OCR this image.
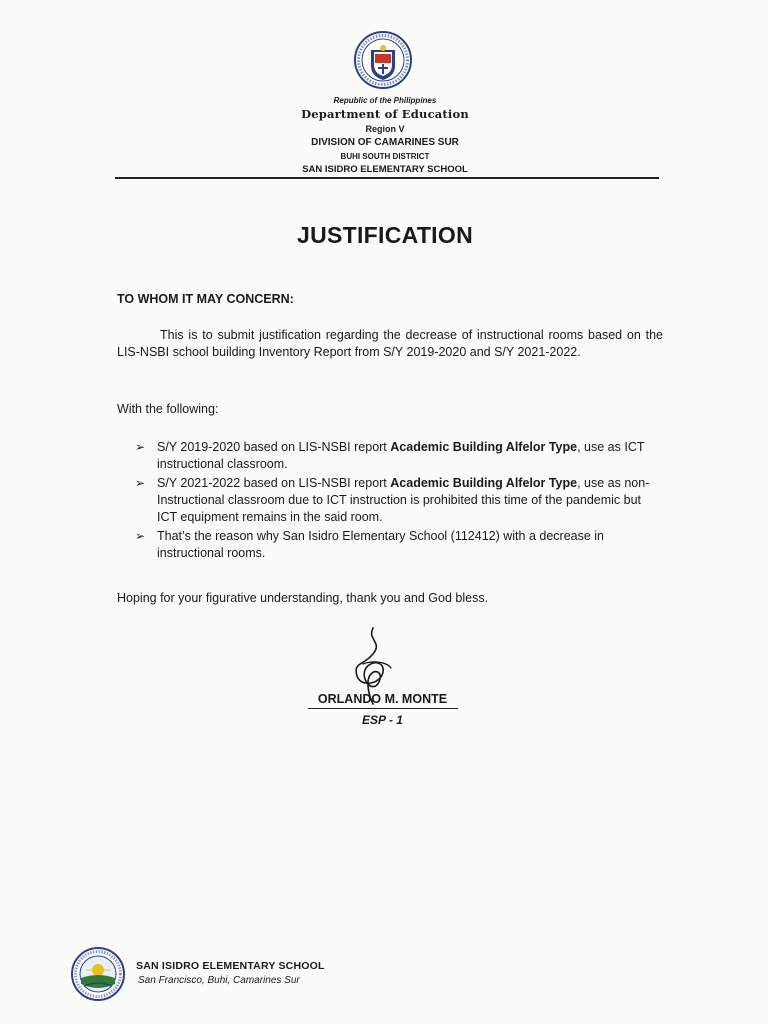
Republic of the Philippines
Department of Education
Region V
DIVISION OF CAMARINES SUR
BUHI SOUTH DISTRICT
SAN ISIDRO ELEMENTARY SCHOOL
JUSTIFICATION
TO WHOM IT MAY CONCERN:
This is to submit justification regarding the decrease of instructional rooms based on the LIS-NSBI school building Inventory Report from S/Y 2019-2020 and S/Y 2021-2022.
With the following:
➢ S/Y 2019-2020 based on LIS-NSBI report Academic Building Alfelor Type, use as ICT instructional classroom.
➢ S/Y 2021-2022 based on LIS-NSBI report Academic Building Alfelor Type, use as non-Instructional classroom due to ICT instruction is prohibited this time of the pandemic but ICT equipment remains in the said room.
➢ That’s the reason why San Isidro Elementary School (112412) with a decrease in instructional rooms.
Hoping for your figurative understanding, thank you and God bless.
ORLANDO M. MONTE
ESP - 1
SAN ISIDRO ELEMENTARY SCHOOL
San Francisco, Buhi, Camarines Sur
